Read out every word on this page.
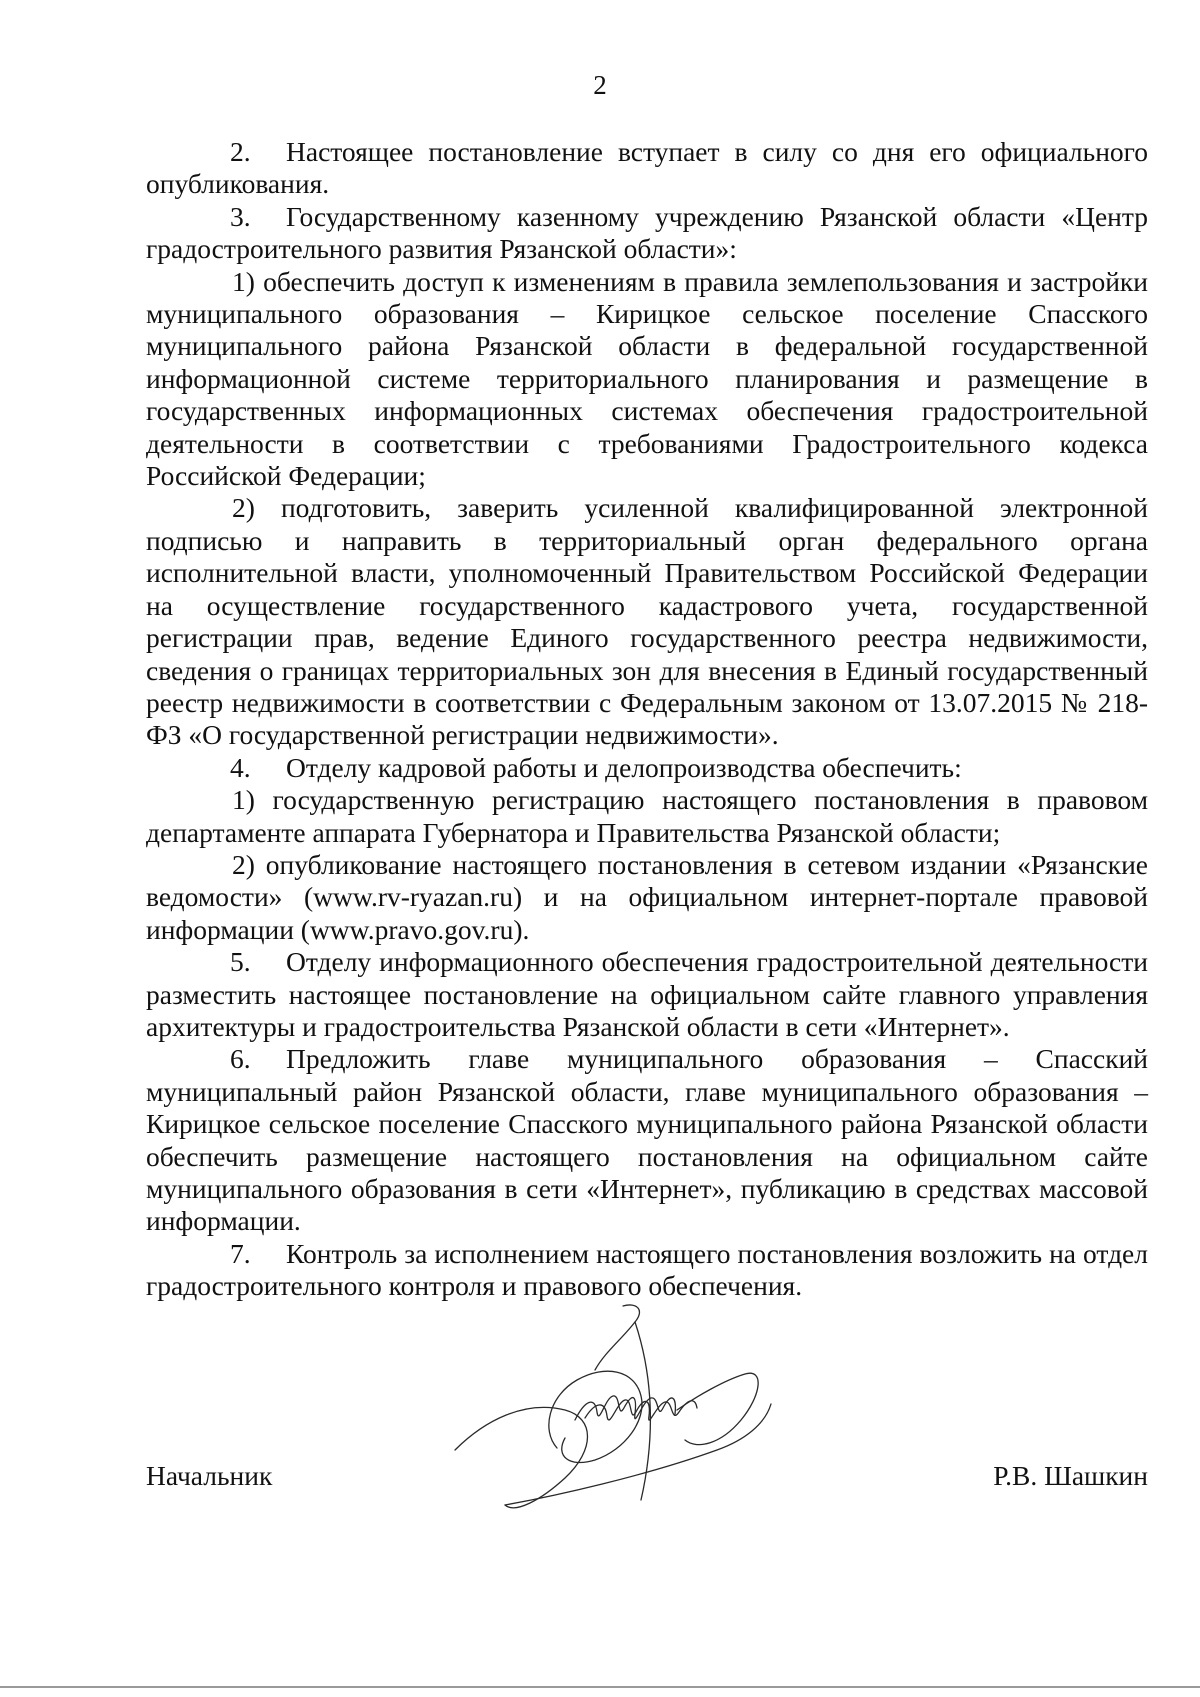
2

2. Настоящее постановление вступает в силу со дня его официального опубликования.

3. Государственному казенному учреждению Рязанской области «Центр градостроительного развития Рязанской области»:

1) обеспечить доступ к изменениям в правила землепользования и застройки муниципального образования – Кирицкое сельское поселение Спасского муниципального района Рязанской области в федеральной государственной информационной системе территориального планирования и размещение в государственных информационных системах обеспечения градостроительной деятельности в соответствии с требованиями Градостроительного кодекса Российской Федерации;

2) подготовить, заверить усиленной квалифицированной электронной подписью и направить в территориальный орган федерального органа исполнительной власти, уполномоченный Правительством Российской Федерации на осуществление государственного кадастрового учета, государственной регистрации прав, ведение Единого государственного реестра недвижимости, сведения о границах территориальных зон для внесения в Единый государственный реестр недвижимости в соответствии с Федеральным законом от 13.07.2015 № 218-ФЗ «О государственной регистрации недвижимости».

4. Отделу кадровой работы и делопроизводства обеспечить:

1) государственную регистрацию настоящего постановления в правовом департаменте аппарата Губернатора и Правительства Рязанской области;

2) опубликование настоящего постановления в сетевом издании «Рязанские ведомости» (www.rv-ryazan.ru) и на официальном интернет-портале правовой информации (www.pravo.gov.ru).

5. Отделу информационного обеспечения градостроительной деятельности разместить настоящее постановление на официальном сайте главного управления архитектуры и градостроительства Рязанской области в сети «Интернет».

6. Предложить главе муниципального образования – Спасский муниципальный район Рязанской области, главе муниципального образования – Кирицкое сельское поселение Спасского муниципального района Рязанской области обеспечить размещение настоящего постановления на официальном сайте муниципального образования в сети «Интернет», публикацию в средствах массовой информации.

7. Контроль за исполнением настоящего постановления возложить на отдел градостроительного контроля и правового обеспечения.

Начальник	Р.В. Шашкин
